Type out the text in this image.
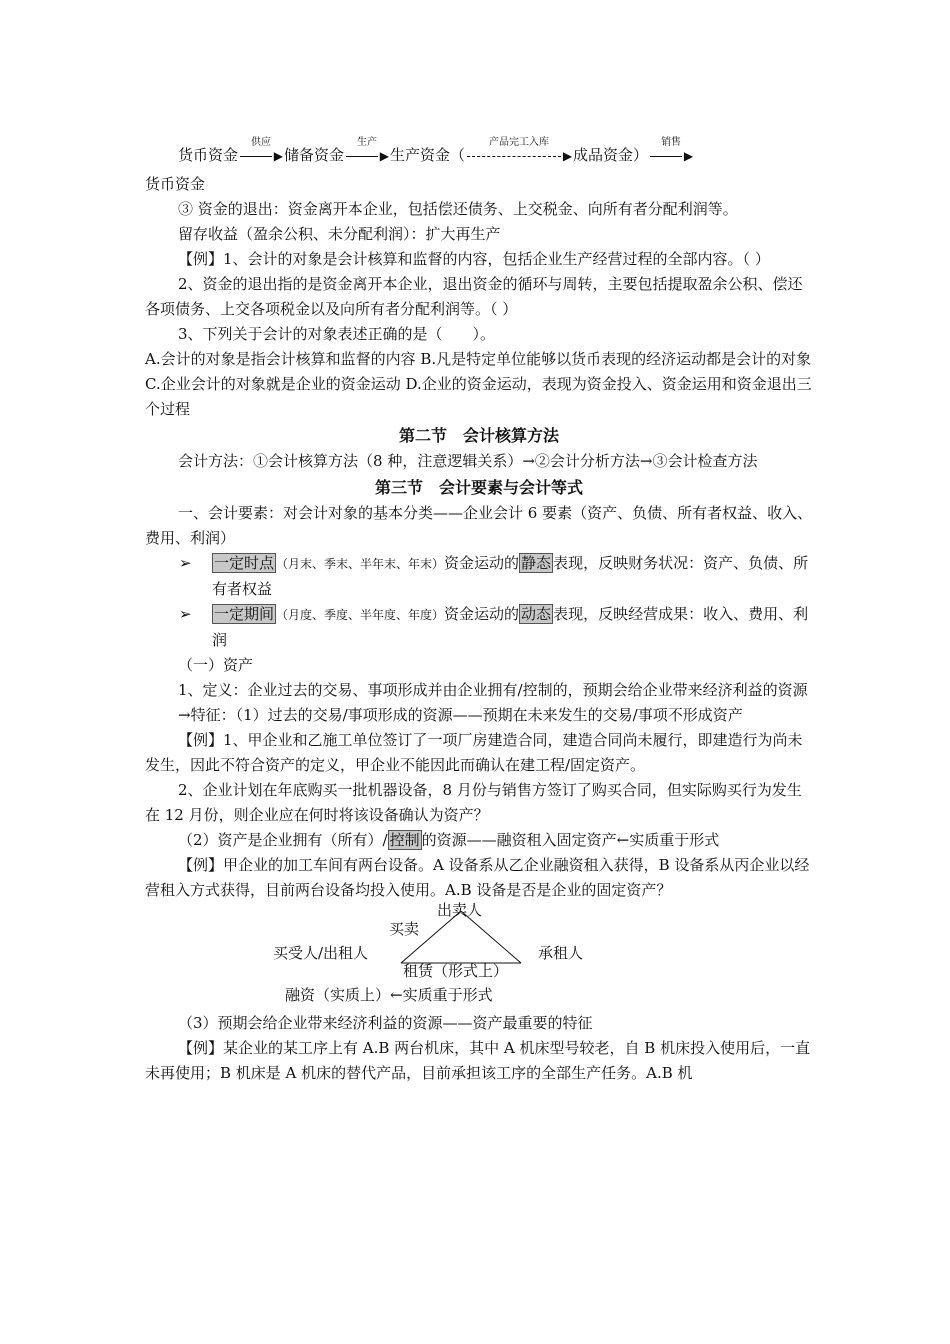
货币资金
供应
▶ 储备资金
生产
▶ 生产资金（
产品完工入库
▶ 成品资金）
销售
▶

货币资金

③ 资金的退出：资金离开本企业，包括偿还债务、上交税金、向所有者分配利润等。

留存收益（盈余公积、未分配利润）：扩大再生产

【例】1、会计的对象是会计核算和监督的内容，包括企业生产经营过程的全部内容。（ ）

2、资金的退出指的是资金离开本企业，退出资金的循环与周转，主要包括提取盈余公积、偿还各项债务、上交各项税金以及向所有者分配利润等。（ ）

3、下列关于会计的对象表述正确的是（　　）。

A.会计的对象是指会计核算和监督的内容 B.凡是特定单位能够以货币表现的经济运动都是会计的对象

C.企业会计的对象就是企业的资金运动 D.企业的资金运动，表现为资金投入、资金运用和资金退出三个过程

第二节　会计核算方法

会计方法：①会计核算方法（8 种，注意逻辑关系）→②会计分析方法→③会计检查方法

第三节　会计要素与会计等式

一、会计要素：对会计对象的基本分类——企业会计 6 要素（资产、负债、所有者权益、收入、费用、利润）

➢ 一定时点 （月末、季末、半年末、年末）资金运动的 静态 表现，反映财务状况：资产、负债、所有者权益

➢ 一定期间 （月度、季度、半年度、年度）资金运动的 动态 表现，反映经营成果：收入、费用、利润

（一）资产

1、定义：企业过去的交易、事项形成并由企业拥有/控制的，预期会给企业带来经济利益的资源

→特征：（1）过去的交易/事项形成的资源——预期在未来发生的交易/事项不形成资产

【例】1、甲企业和乙施工单位签订了一项厂房建造合同，建造合同尚未履行，即建造行为尚未发生，因此不符合资产的定义，甲企业不能因此而确认在建工程/固定资产。

2、企业计划在年底购买一批机器设备，8 月份与销售方签订了购买合同，但实际购买行为发生在 12 月份，则企业应在何时将该设备确认为资产？

（2）资产是企业拥有（所有）/ 控制 的资源——融资租入固定资产←实质重于形式

【例】甲企业的加工车间有两台设备。A 设备系从乙企业融资租入获得，B 设备系从丙企业以经营租入方式获得，目前两台设备均投入使用。A.B 设备是否是企业的固定资产？

出卖人
买卖
买受人/出租人	承租人
租赁（形式上）
融资（实质上）←实质重于形式

（3）预期会给企业带来经济利益的资源——资产最重要的特征

【例】某企业的某工序上有 A.B 两台机床，其中 A 机床型号较老，自 B 机床投入使用后，一直未再使用；B 机床是 A 机床的替代产品，目前承担该工序的全部生产任务。A.B 机
